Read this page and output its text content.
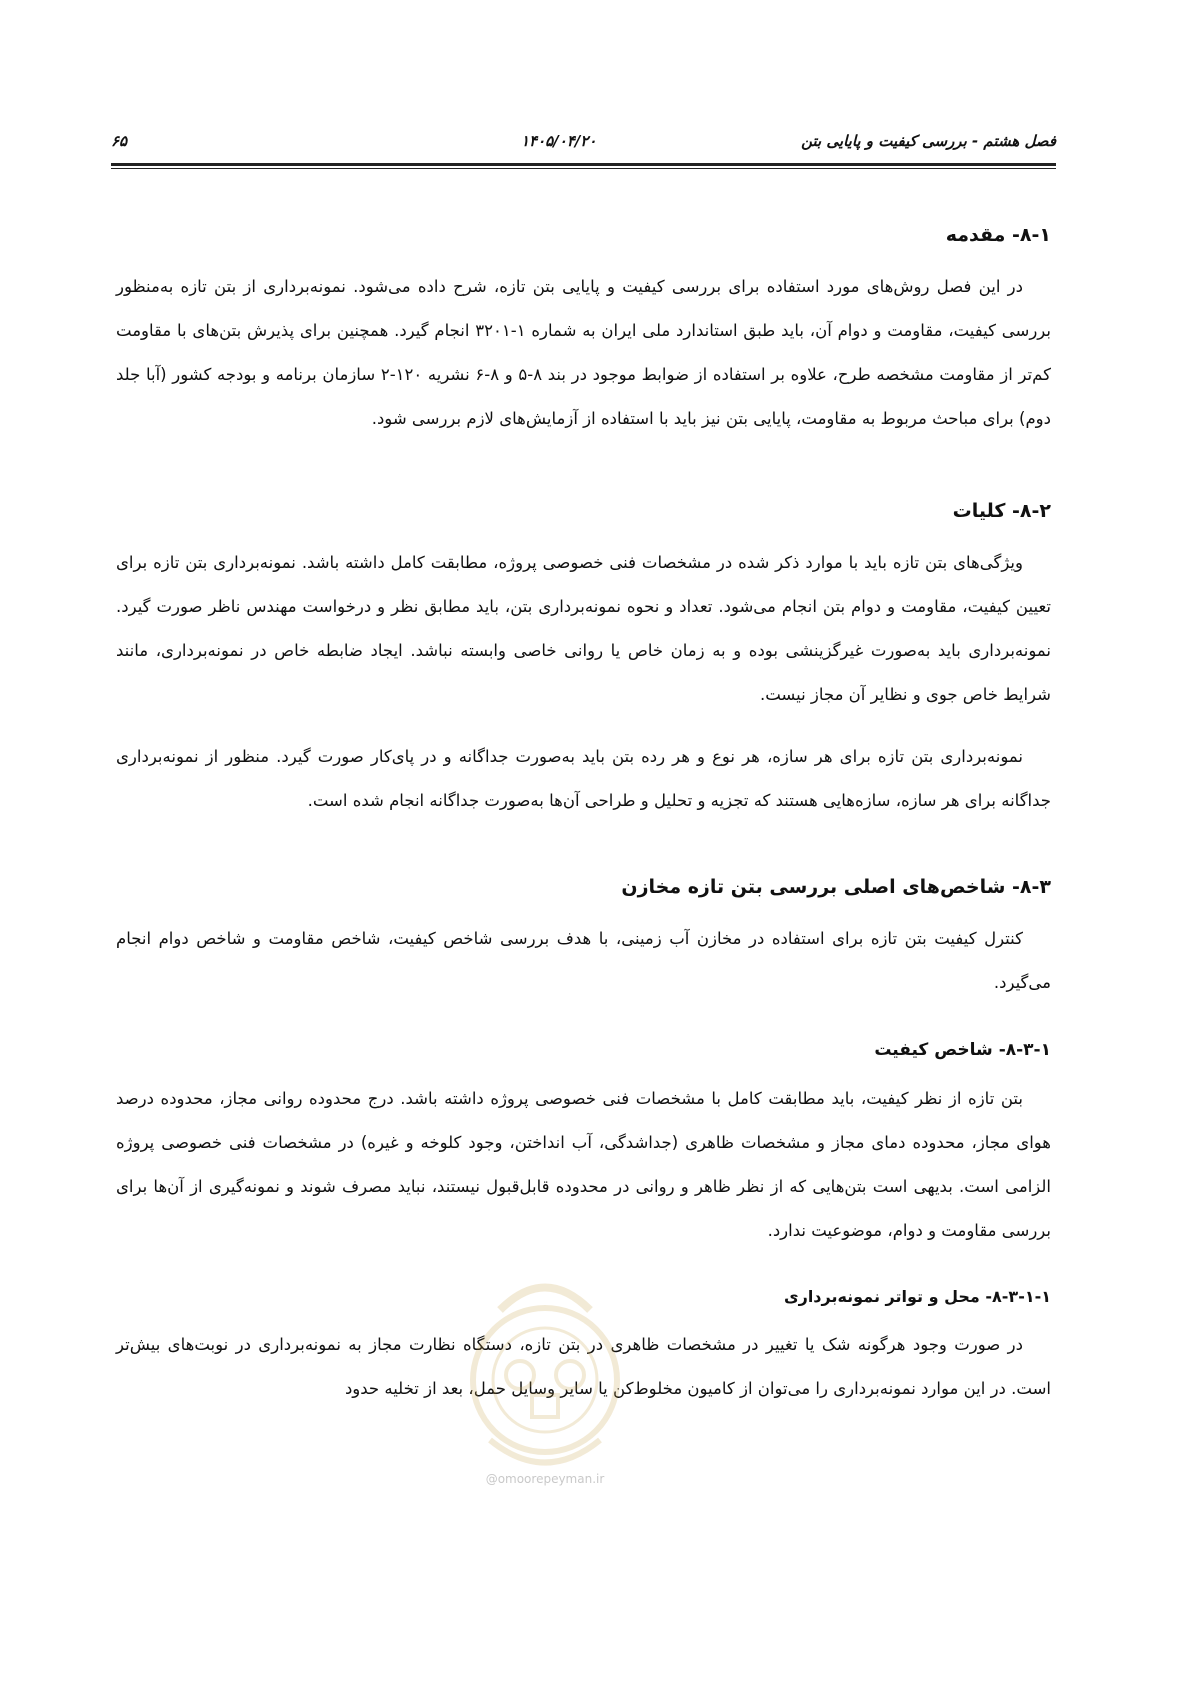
فصل هشتم - بررسی کیفیت و پایایی بتن
۱۴۰۵/۰۴/۲۰
۶۵
۸-۱- مقدمه

در این فصل روش‌های مورد استفاده برای بررسی کیفیت و پایایی بتن تازه، شرح داده می‌شود. نمونه‌برداری از بتن تازه به‌منظور بررسی کیفیت، مقاومت و دوام آن، باید طبق استاندارد ملی ایران به شماره ۱-۳۲۰۱ انجام گیرد. همچنین برای پذیرش بتن‌های با مقاومت کم‌تر از مقاومت مشخصه طرح، علاوه بر استفاده از ضوابط موجود در بند ۸-۵ و ۸-۶ نشریه ۱۲۰-۲ سازمان برنامه و بودجه کشور (آبا جلد دوم) برای مباحث مربوط به مقاومت، پایایی بتن نیز باید با استفاده از آزمایش‌های لازم بررسی شود.

۸-۲- کلیات

ویژگی‌های بتن تازه باید با موارد ذکر شده در مشخصات فنی خصوصی پروژه، مطابقت کامل داشته باشد. نمونه‌برداری بتن تازه برای تعیین کیفیت، مقاومت و دوام بتن انجام می‌شود. تعداد و نحوه نمونه‌برداری بتن، باید مطابق نظر و درخواست مهندس ناظر صورت گیرد. نمونه‌برداری باید به‌صورت غیرگزینشی بوده و به زمان خاص یا روانی خاصی وابسته نباشد. ایجاد ضابطه خاص در نمونه‌برداری، مانند شرایط خاص جوی و نظایر آن مجاز نیست.

نمونه‌برداری بتن تازه برای هر سازه، هر نوع و هر رده بتن باید به‌صورت جداگانه و در پای‌کار صورت گیرد. منظور از نمونه‌برداری جداگانه برای هر سازه، سازه‌هایی هستند که تجزیه و تحلیل و طراحی آن‌ها به‌صورت جداگانه انجام شده است.

۸-۳- شاخص‌های اصلی بررسی بتن تازه مخازن

کنترل کیفیت بتن تازه برای استفاده در مخازن آب زمینی، با هدف بررسی شاخص کیفیت، شاخص مقاومت و شاخص دوام انجام می‌گیرد.

۸-۳-۱- شاخص کیفیت

بتن تازه از نظر کیفیت، باید مطابقت کامل با مشخصات فنی خصوصی پروژه داشته باشد. درج محدوده روانی مجاز، محدوده درصد هوای مجاز، محدوده دمای مجاز و مشخصات ظاهری (جداشدگی، آب انداختن، وجود کلوخه و غیره) در مشخصات فنی خصوصی پروژه الزامی است. بدیهی است بتن‌هایی که از نظر ظاهر و روانی در محدوده قابل‌قبول نیستند، نباید مصرف شوند و نمونه‌گیری از آن‌ها برای بررسی مقاومت و دوام، موضوعیت ندارد.

۸-۳-۱-۱- محل و تواتر نمونه‌برداری

در صورت وجود هرگونه شک یا تغییر در مشخصات ظاهری در بتن تازه، دستگاه نظارت مجاز به نمونه‌برداری در نوبت‌های بیش‌تر است. در این موارد نمونه‌برداری را می‌توان از کامیون مخلوط‌کن یا سایر وسایل حمل، بعد از تخلیه حدود

@omoorepeyman.ir
